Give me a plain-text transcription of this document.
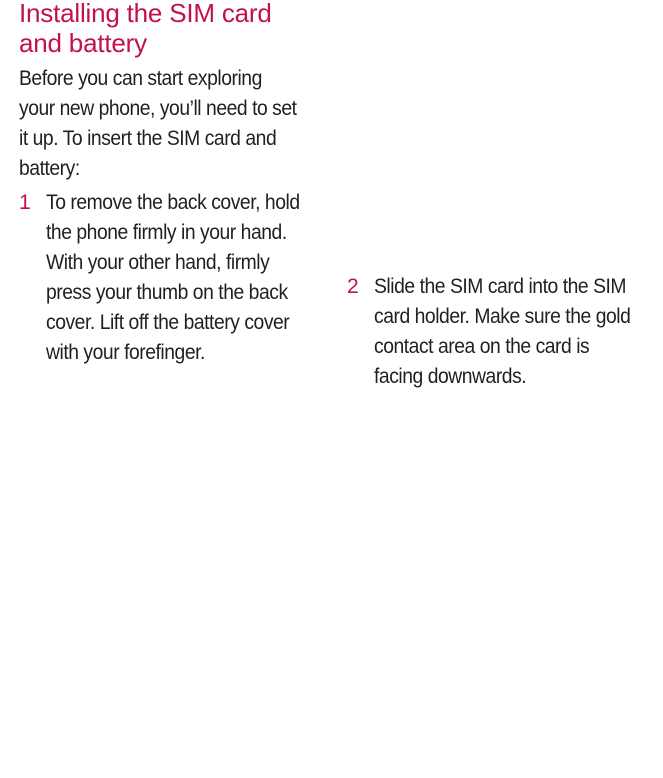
Installing the SIM card
and battery

Before you can start exploring
your new phone, you’ll need to set
it up. To insert the SIM card and
battery:

1 To remove the back cover, hold
the phone firmly in your hand.
With your other hand, firmly
press your thumb on the back
cover. Lift off the battery cover
with your forefinger.
2 Slide the SIM card into the SIM
card holder. Make sure the gold
contact area on the card is
facing downwards.
